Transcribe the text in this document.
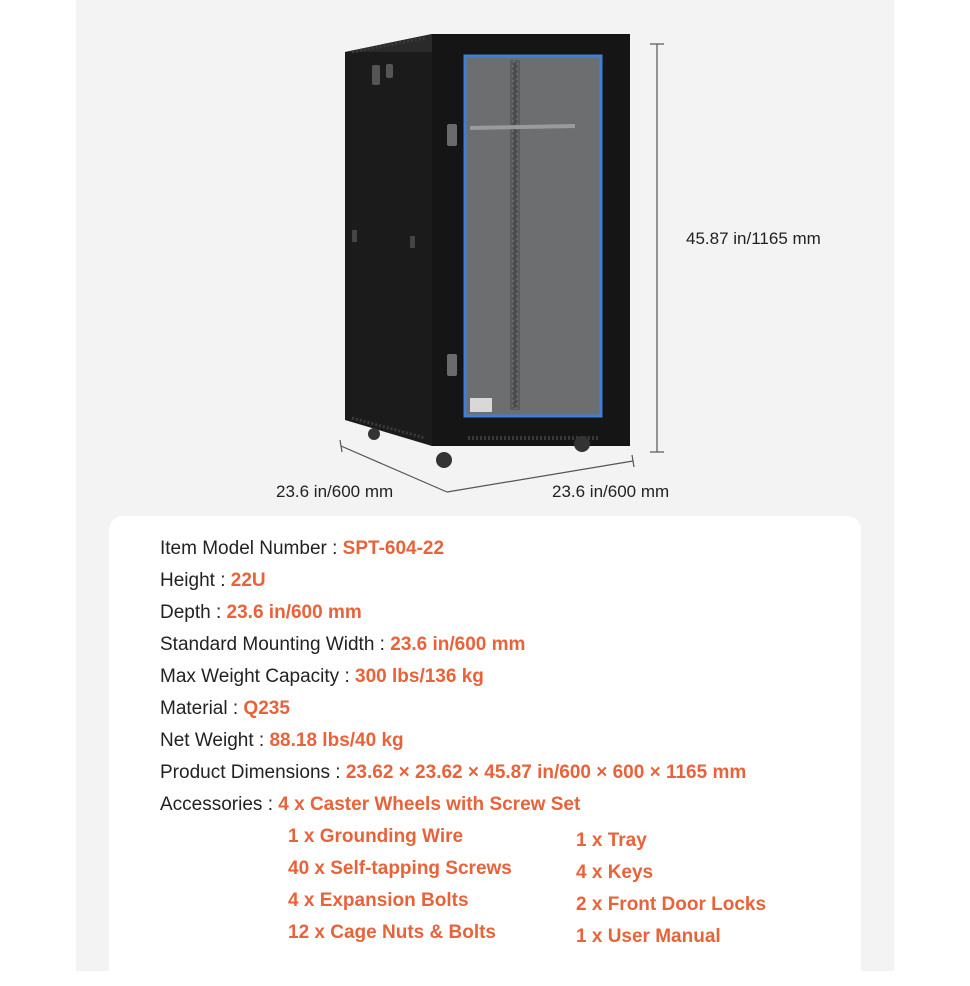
45.87 in/1165 mm
23.6 in/600 mm	23.6 in/600 mm
Item Model Number : SPT-604-22
Height : 22U
Depth : 23.6 in/600 mm
Standard Mounting Width : 23.6 in/600 mm
Max Weight Capacity : 300 lbs/136 kg
Material : Q235
Net Weight : 88.18 lbs/40 kg
Product Dimensions : 23.62 × 23.62 × 45.87 in/600 × 600 × 1165 mm
Accessories : 4 x Caster Wheels with Screw Set
1 x Grounding Wire
40 x Self-tapping Screws
4 x Expansion Bolts
12 x Cage Nuts & Bolts
1 x Tray
4 x Keys
2 x Front Door Locks
1 x User Manual
